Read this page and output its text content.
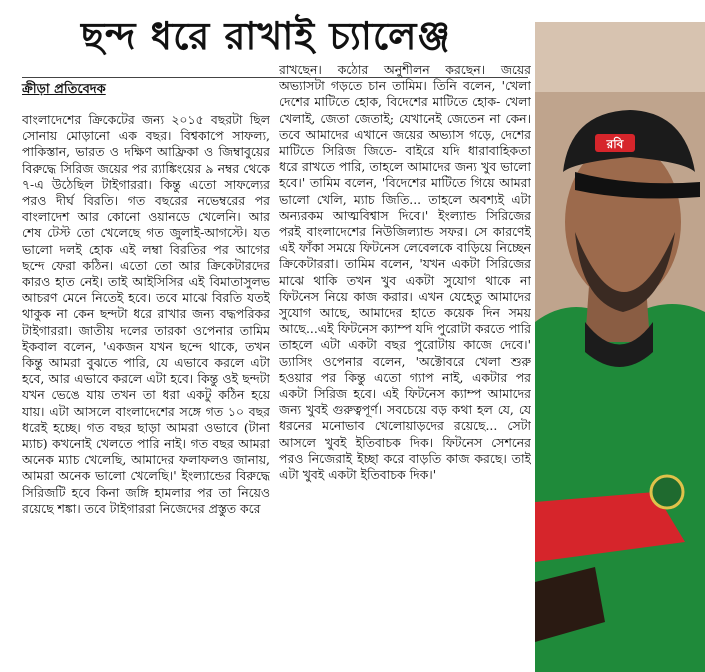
ছন্দ ধরে রাখাই চ্যালেঞ্জ
ক্রীড়া প্রতিবেদক

বাংলাদেশের ক্রিকেটের জন্য ২০১৫ বছরটা ছিল সোনায় মোড়ানো এক বছর। বিশ্বকাপে সাফল্য, পাকিস্তান, ভারত ও দক্ষিণ আফ্রিকা ও জিম্বাবুয়ের বিরুদ্ধে সিরিজ জয়ের পর র‍্যাঙ্কিংয়ের ৯ নম্বর থেকে ৭-এ উঠেছিল টাইগাররা। কিন্তু এতো সাফল্যের পরও দীর্ঘ বিরতি। গত বছরের নভেম্বরের পর বাংলাদেশ আর কোনো ওয়ানডে খেলেনি। আর শেষ টেস্ট তো খেলেছে গত জুলাই-আগস্টে। যত ভালো দলই হোক এই লম্বা বিরতির পর আগের ছন্দে ফেরা কঠিন। এতো তো আর ক্রিকেটারদের কারও হাত নেই। তাই আইসিসির এই বিমাতাসুলভ আচরণ মেনে নিতেই হবে। তবে মাঝে বিরতি যতই থাকুক না কেন ছন্দটা ধরে রাখার জন্য বদ্ধপরিকর টাইগাররা। জাতীয় দলের তারকা ওপেনার তামিম ইকবাল বলেন, 'একজন যখন ছন্দে থাকে, তখন কিন্তু আমরা বুঝতে পারি, যে এভাবে করলে এটা হবে, আর এভাবে করলে এটা হবে। কিন্তু ওই ছন্দটা যখন ভেঙে যায় তখন তা ধরা একটু কঠিন হয়ে যায়। এটা আসলে বাংলাদেশের সঙ্গে গত ১০ বছর ধরেই হচ্ছে। গত বছর ছাড়া আমরা ওভাবে (টানা ম্যাচ) কখনোই খেলতে পারি নাই। গত বছর আমরা অনেক ম্যাচ খেলেছি, আমাদের ফলাফলও জানায়, আমরা অনেক ভালো খেলেছি।' ইংল্যান্ডের বিরুদ্ধে সিরিজটি হবে কিনা জঙ্গি হামলার পর তা নিয়েও রয়েছে শঙ্কা। তবে টাইগাররা নিজেদের প্রস্তুত করে

রাখছেন। কঠোর অনুশীলন করছেন। জয়ের অভ্যাসটা গড়তে চান তামিম। তিনি বলেন, 'খেলা দেশের মাটিতে হোক, বিদেশের মাটিতে হোক- খেলা খেলাই, জেতা জেতাই; যেখানেই জেতেন না কেন। তবে আমাদের এখানে জয়ের অভ্যাস গড়ে, দেশের মাটিতে সিরিজ জিতে- বাইরে যদি ধারাবাহিকতা ধরে রাখতে পারি, তাহলে আমাদের জন্য খুব ভালো হবে।' তামিম বলেন, 'বিদেশের মাটিতে গিয়ে আমরা ভালো খেলি, ম্যাচ জিতি... তাহলে অবশ্যই এটা অন্যরকম আত্মবিশ্বাস দিবে।' ইংল্যান্ড সিরিজের পরই বাংলাদেশের নিউজিল্যান্ড সফর। সে কারণেই এই ফাঁকা সময়ে ফিটনেস লেবেলকে বাড়িয়ে নিচ্ছেন ক্রিকেটাররা। তামিম বলেন, 'যখন একটা সিরিজের মাঝে থাকি তখন খুব একটা সুযোগ থাকে না ফিটনেস নিয়ে কাজ করার। এখন যেহেতু আমাদের সুযোগ আছে, আমাদের হাতে কয়েক দিন সময় আছে...এই ফিটনেস ক্যাম্প যদি পুরোটা করতে পারি তাহলে এটা একটা বছর পুরোটায় কাজে দেবে।' ড্যাসিং ওপেনার বলেন, 'অক্টোবরে খেলা শুরু হওয়ার পর কিন্তু এতো গ্যাপ নাই, একটার পর একটা সিরিজ হবে। এই ফিটনেস ক্যাম্প আমাদের জন্য খুবই গুরুত্বপূর্ণ। সবচেয়ে বড় কথা হল যে, যে ধরনের মনোভাব খেলোয়াড়দের রয়েছে... সেটা আসলে খুবই ইতিবাচক দিক। ফিটনেস সেশনের পরও নিজেরাই ইচ্ছা করে বাড়তি কাজ করছে। তাই এটা খুবই একটা ইতিবাচক দিক।'

রবি
